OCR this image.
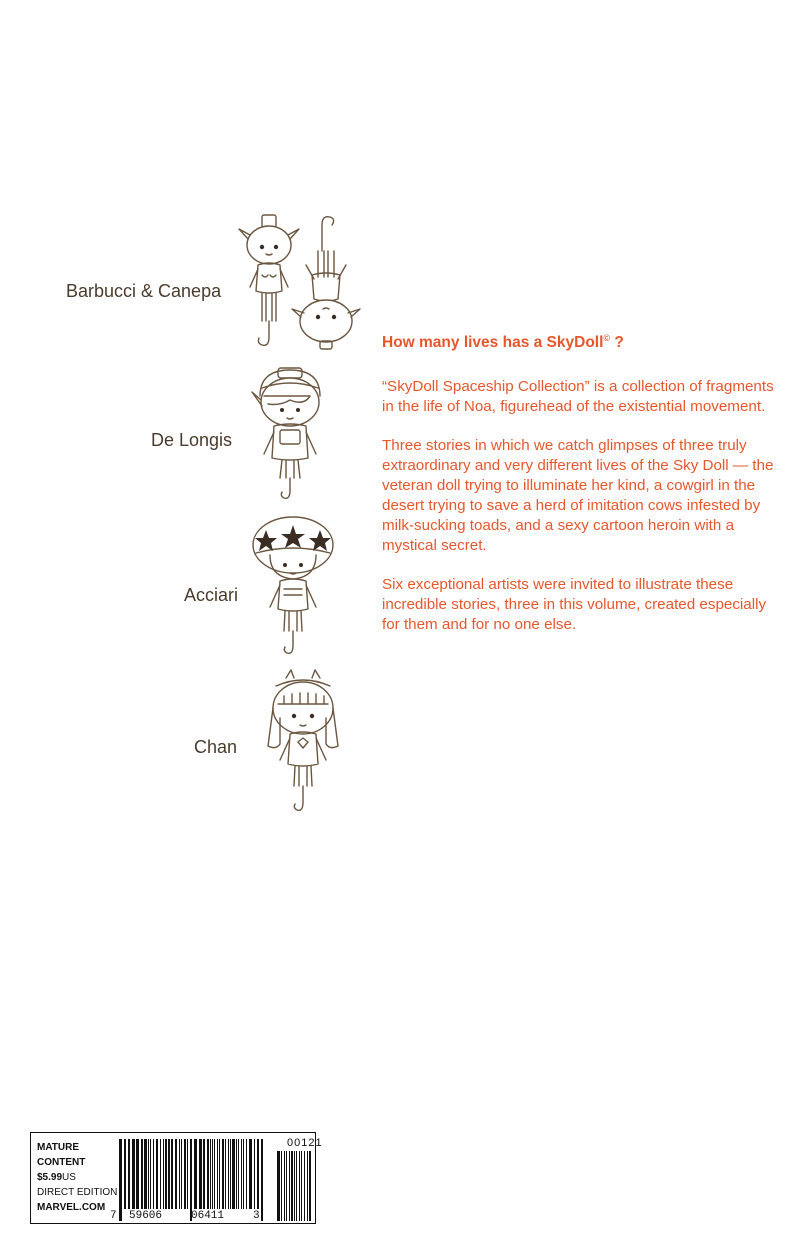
Barbucci & Canepa
De Longis
Acciari
Chan
How many lives has a SkyDoll© ?
“SkyDoll Spaceship Collection” is a collection of fragments in the life of Noa, figurehead of the existential movement.
Three stories in which we catch glimpses of three truly extraordinary and very different lives of the Sky Doll — the veteran doll trying to illuminate her kind, a cowgirl in the desert trying to save a herd of imitation cows infested by milk-sucking toads, and a sexy cartoon heroin with a mystical secret.
Six exceptional artists were invited to illustrate these incredible stories, three in this volume, created especially for them and for no one else.
MATURE
CONTENT
$5.99US
DIRECT EDITION
MARVEL.COM
00121
7 59606	06411	3
